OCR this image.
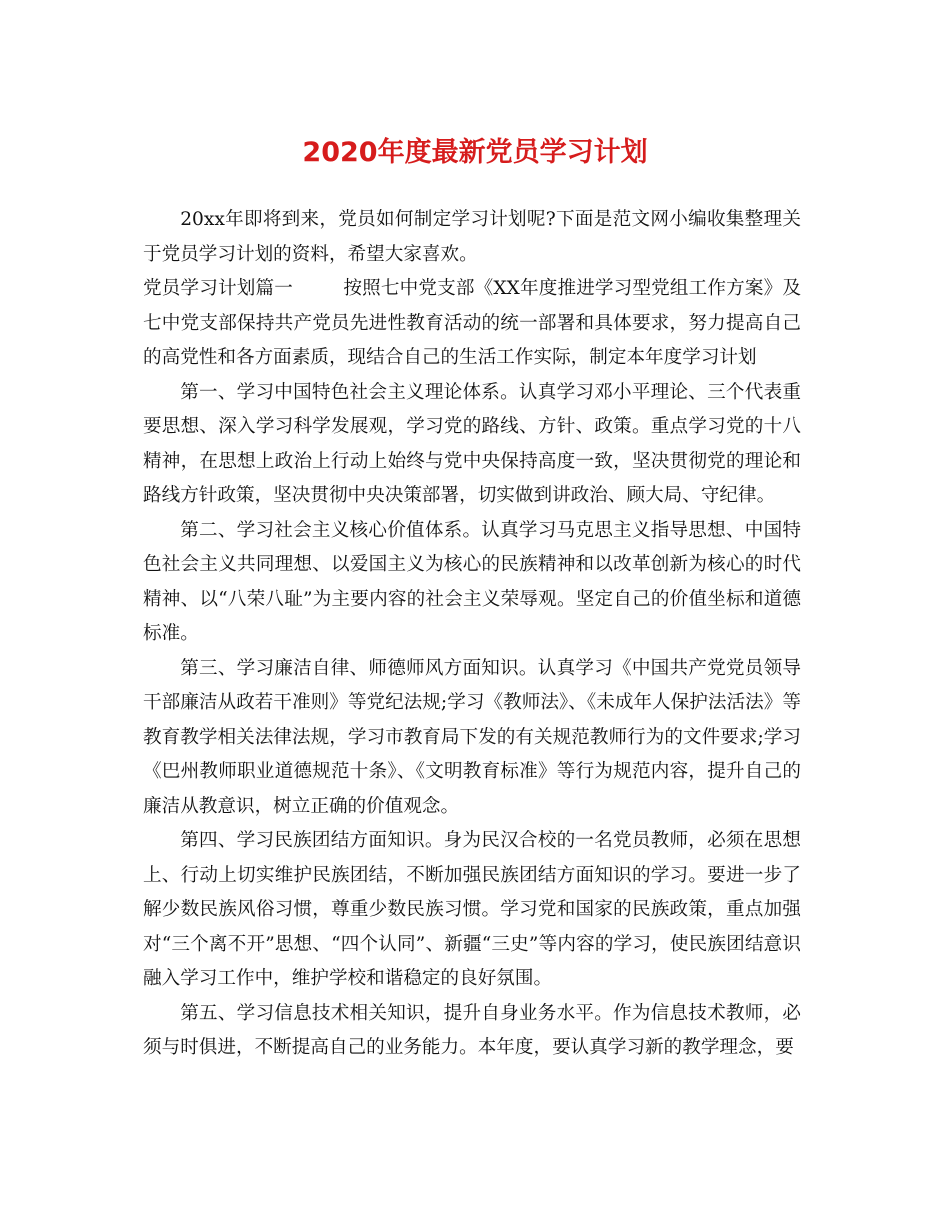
2020年度最新党员学习计划

20xx年即将到来，党员如何制定学习计划呢?下面是范文网小编收集整理关于党员学习计划的资料，希望大家喜欢。

党员学习计划篇一	按照七中党支部《XX年度推进学习型党组工作方案》及七中党支部保持共产党员先进性教育活动的统一部署和具体要求，努力提高自己的高党性和各方面素质，现结合自己的生活工作实际，制定本年度学习计划

第一、学习中国特色社会主义理论体系。认真学习邓小平理论、三个代表重要思想、深入学习科学发展观，学习党的路线、方针、政策。重点学习党的十八精神，在思想上政治上行动上始终与党中央保持高度一致，坚决贯彻党的理论和路线方针政策，坚决贯彻中央决策部署，切实做到讲政治、顾大局、守纪律。

第二、学习社会主义核心价值体系。认真学习马克思主义指导思想、中国特色社会主义共同理想、以爱国主义为核心的民族精神和以改革创新为核心的时代精神、以“八荣八耻”为主要内容的社会主义荣辱观。坚定自己的价值坐标和道德标准。

第三、学习廉洁自律、师德师风方面知识。认真学习《中国共产党党员领导干部廉洁从政若干准则》等党纪法规;学习《教师法》、《未成年人保护法活法》等教育教学相关法律法规，学习市教育局下发的有关规范教师行为的文件要求;学习《巴州教师职业道德规范十条》、《文明教育标准》等行为规范内容，提升自己的廉洁从教意识，树立正确的价值观念。

第四、学习民族团结方面知识。身为民汉合校的一名党员教师，必须在思想上、行动上切实维护民族团结，不断加强民族团结方面知识的学习。要进一步了解少数民族风俗习惯，尊重少数民族习惯。学习党和国家的民族政策，重点加强对“三个离不开”思想、“四个认同”、新疆“三史”等内容的学习，使民族团结意识融入学习工作中，维护学校和谐稳定的良好氛围。

第五、学习信息技术相关知识，提升自身业务水平。作为信息技术教师，必须与时俱进，不断提高自己的业务能力。本年度，要认真学习新的教学理念，要
